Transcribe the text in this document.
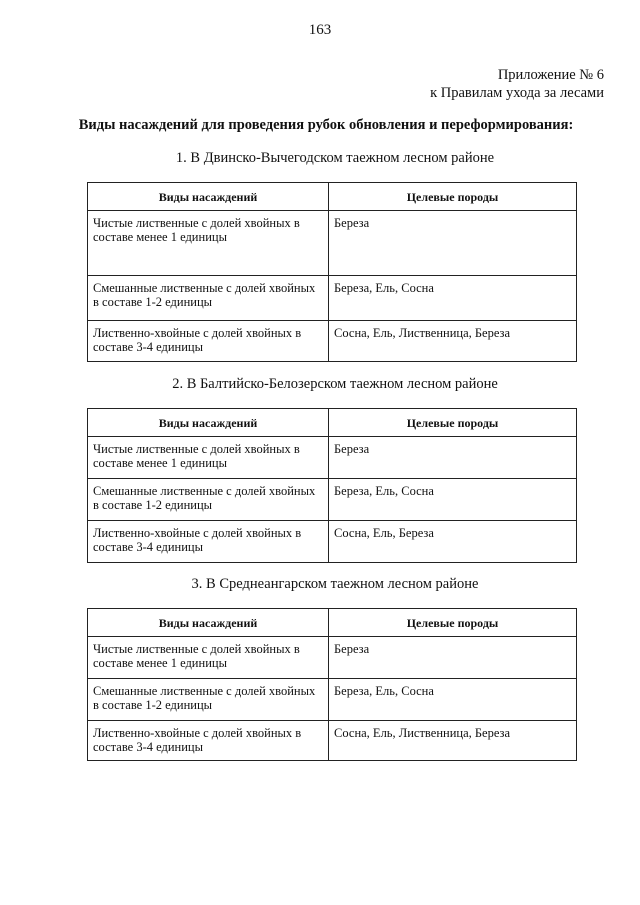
163
Приложение № 6
к Правилам ухода за лесами
Виды насаждений для проведения рубок обновления и переформирования:
1. В Двинско-Вычегодском таежном лесном районе
Виды насаждений	Целевые породы
Чистые лиственные с долей хвойных в составе менее 1 единицы	Береза
Смешанные лиственные с долей хвойных в составе 1-2 единицы	Береза, Ель, Сосна
Лиственно-хвойные с долей хвойных в составе 3-4 единицы	Сосна, Ель, Лиственница, Береза
2. В Балтийско-Белозерском таежном лесном районе
Виды насаждений	Целевые породы
Чистые лиственные с долей хвойных в составе менее 1 единицы	Береза
Смешанные лиственные с долей хвойных в составе 1-2 единицы	Береза, Ель, Сосна
Лиственно-хвойные с долей хвойных в составе 3-4 единицы	Сосна, Ель, Береза
3. В Среднеангарском таежном лесном районе
Виды насаждений	Целевые породы
Чистые лиственные с долей хвойных в составе менее 1 единицы	Береза
Смешанные лиственные с долей хвойных в составе 1-2 единицы	Береза, Ель, Сосна
Лиственно-хвойные с долей хвойных в составе 3-4 единицы	Сосна, Ель, Лиственница, Береза
